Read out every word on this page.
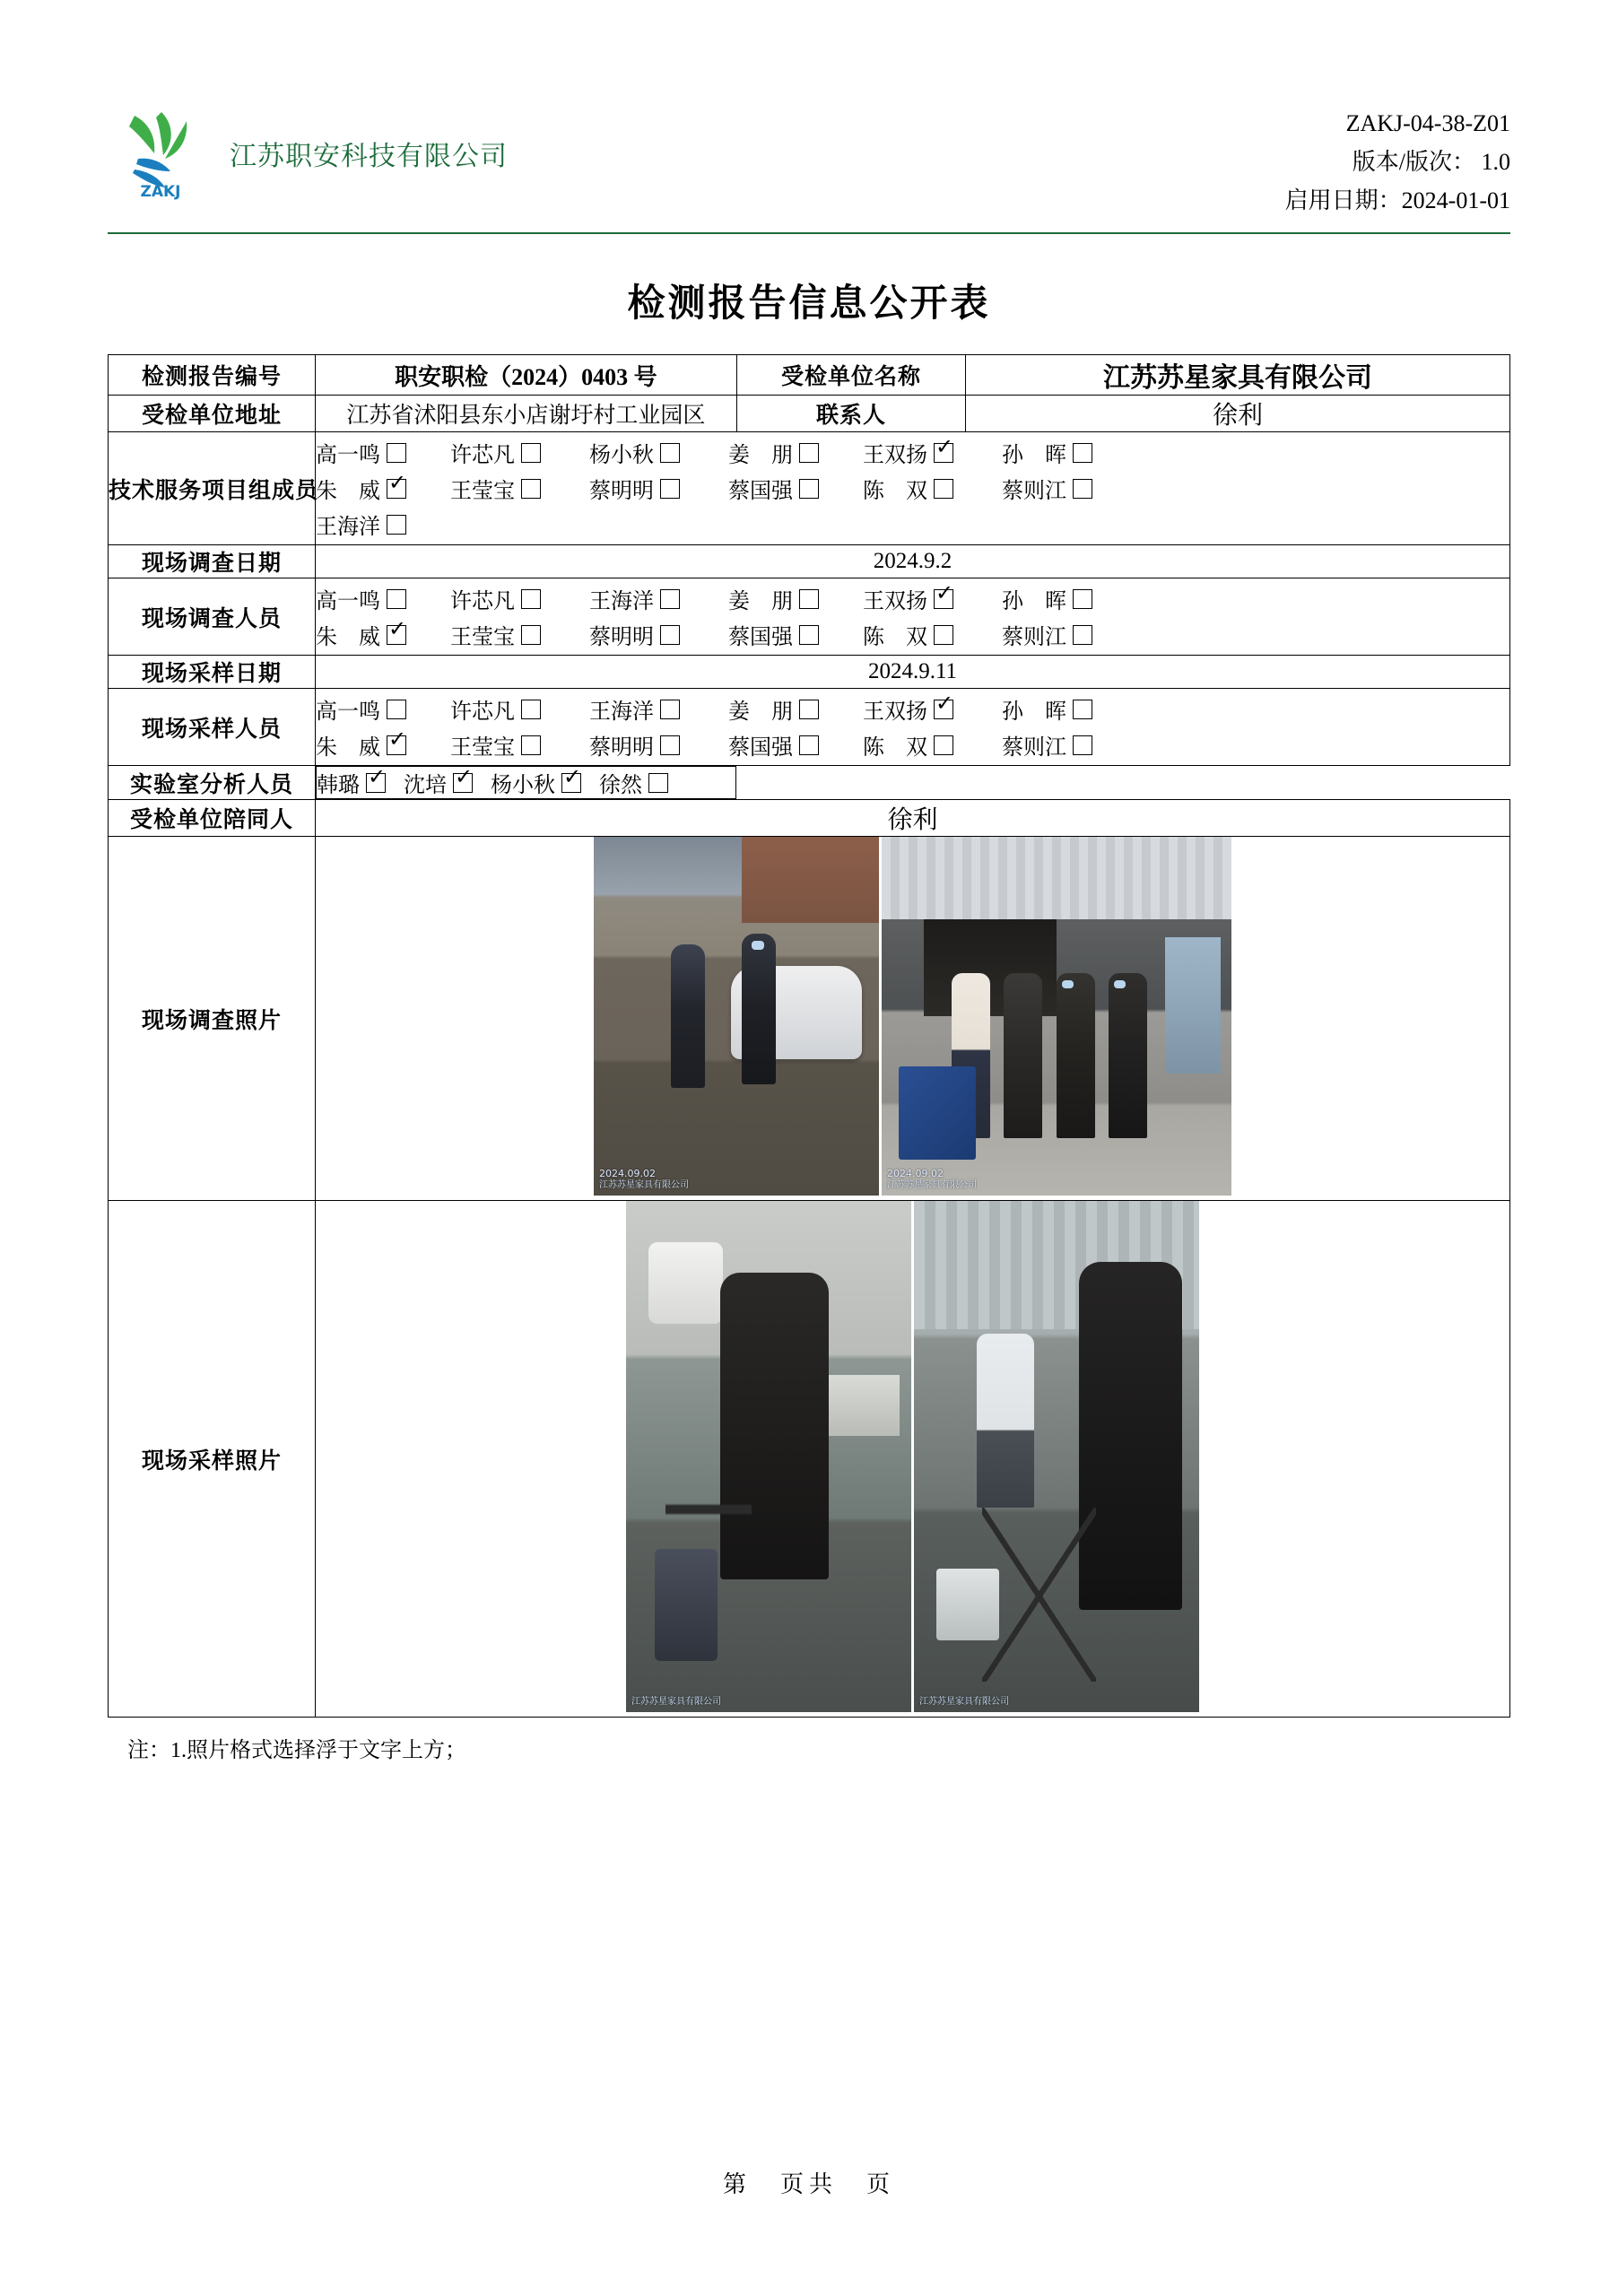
ZAKJ
江苏职安科技有限公司
ZAKJ-04-38-Z01
版本/版次： 1.0
启用日期：2024-01-01
检测报告信息公开表
检测报告编号	职安职检（2024）0403 号	受检单位名称	江苏苏星家具有限公司
受检单位地址	江苏省沭阳县东小店谢圩村工业园区	联系人	徐利
技术服务项目组成员	
高一鸣	许芯凡	杨小秋	姜　朋	王双扬 ✓	孙　晖
朱　威 ✓	王莹宝	蔡明明	蔡国强	陈　双	蔡则江
王海洋

现场调查日期	2024.9.2		
现场调查人员	
高一鸣	许芯凡	王海洋	姜　朋	王双扬 ✓	孙　晖
朱　威 ✓	王莹宝	蔡明明	蔡国强	陈　双	蔡则江

现场采样日期	2024.9.11		
现场采样人员	
高一鸣	许芯凡	王海洋	姜　朋	王双扬 ✓	孙　晖
朱　威 ✓	王莹宝	蔡明明	蔡国强	陈　双	蔡则江

实验室分析人员	韩璐 ✓ 沈培 ✓ 杨小秋 ✓ 徐然

受检单位陪同人	徐利		
现场调查照片	2024.09.02
江苏苏星家具有限公司
2024.09.02
江苏苏星家具有限公司		

现场采样照片	江苏苏星家具有限公司 江苏苏星家具有限公司		
注：1.照片格式选择浮于文字上方；
第　页共　页
